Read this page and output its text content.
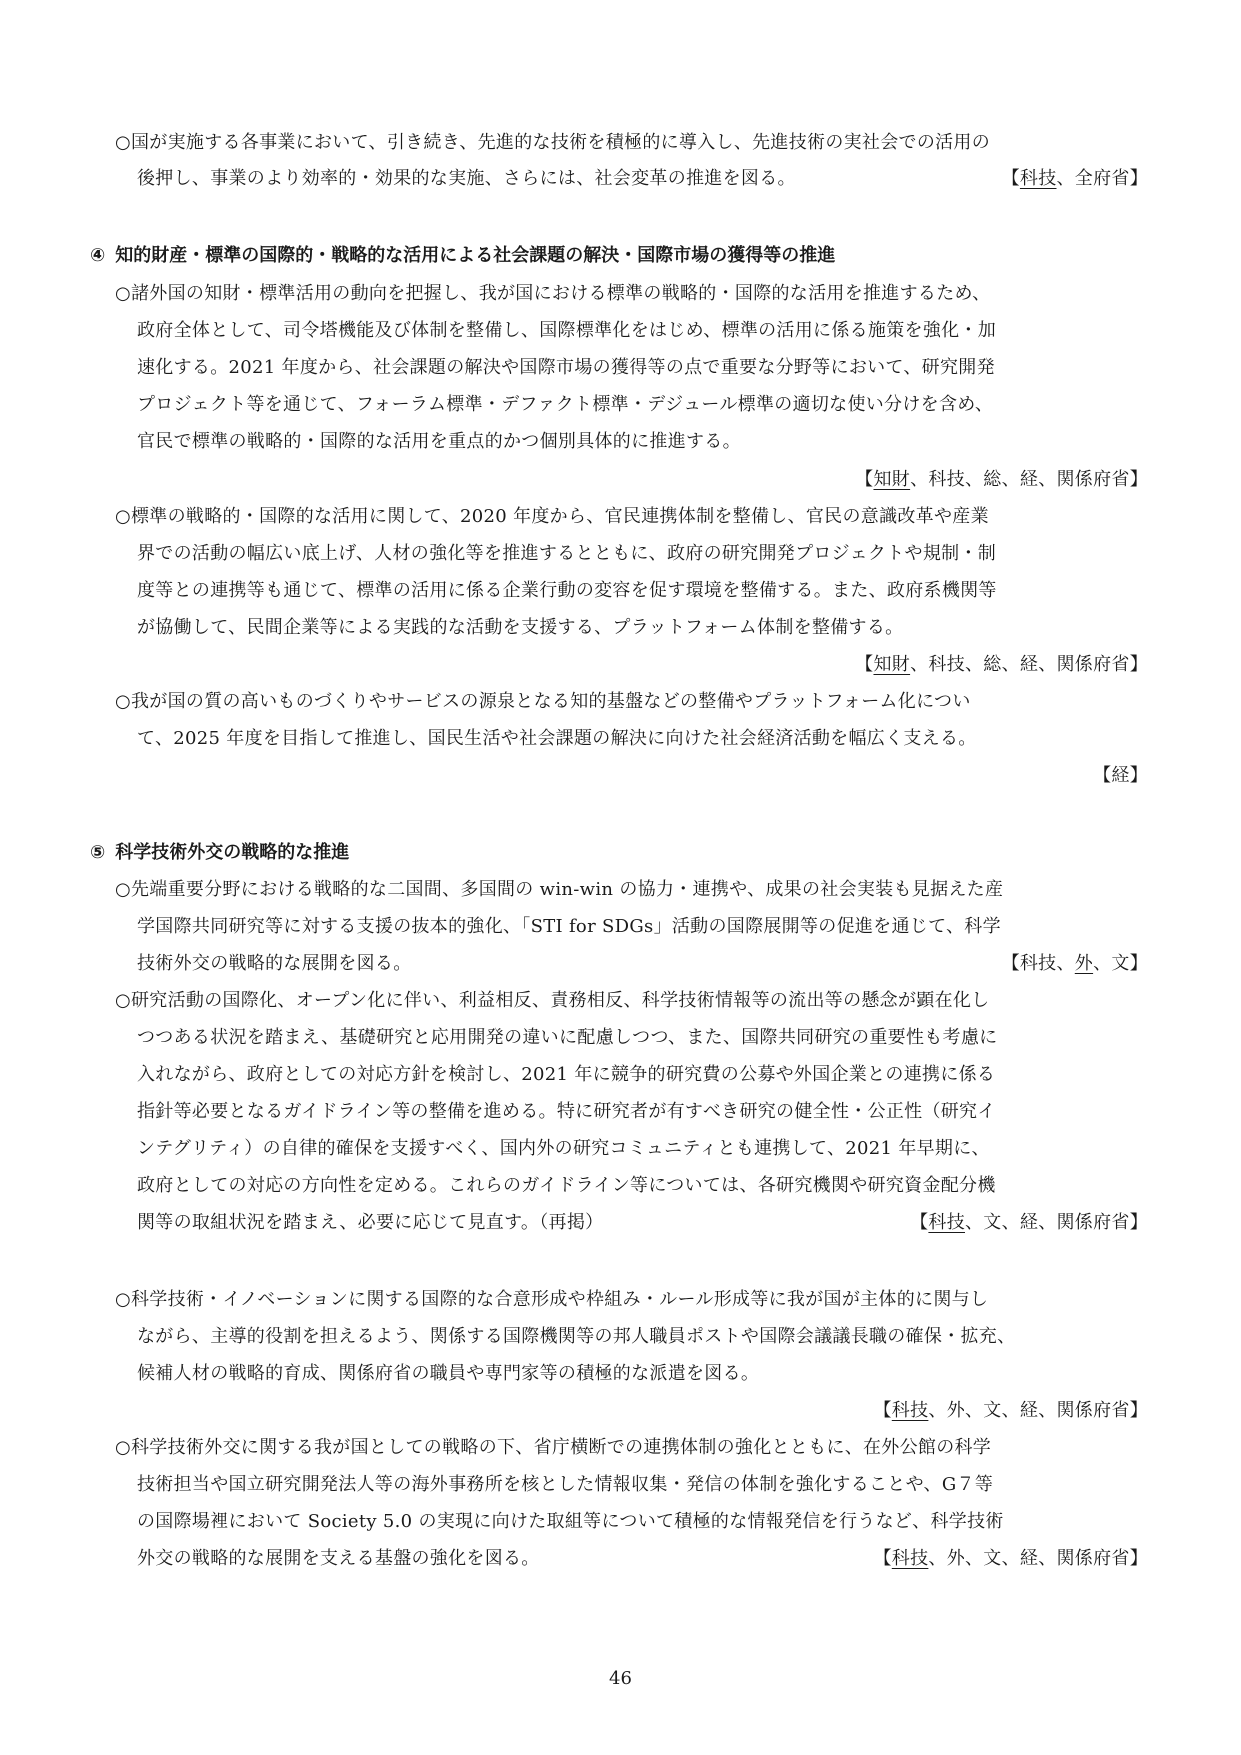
○国が実施する各事業において、引き続き、先進的な技術を積極的に導入し、先進技術の実社会での活用の
後押し、事業のより効率的・効果的な実施、さらには、社会変革の推進を図る。	【科技、全府省】
④ 知的財産・標準の国際的・戦略的な活用による社会課題の解決・国際市場の獲得等の推進
○諸外国の知財・標準活用の動向を把握し、我が国における標準の戦略的・国際的な活用を推進するため、
政府全体として、司令塔機能及び体制を整備し、国際標準化をはじめ、標準の活用に係る施策を強化・加
速化する。2021 年度から、社会課題の解決や国際市場の獲得等の点で重要な分野等において、研究開発
プロジェクト等を通じて、フォーラム標準・デファクト標準・デジュール標準の適切な使い分けを含め、
官民で標準の戦略的・国際的な活用を重点的かつ個別具体的に推進する。
【知財、科技、総、経、関係府省】
○標準の戦略的・国際的な活用に関して、2020 年度から、官民連携体制を整備し、官民の意識改革や産業
界での活動の幅広い底上げ、人材の強化等を推進するとともに、政府の研究開発プロジェクトや規制・制
度等との連携等も通じて、標準の活用に係る企業行動の変容を促す環境を整備する。また、政府系機関等
が協働して、民間企業等による実践的な活動を支援する、プラットフォーム体制を整備する。
【知財、科技、総、経、関係府省】
○我が国の質の高いものづくりやサービスの源泉となる知的基盤などの整備やプラットフォーム化につい
て、2025 年度を目指して推進し、国民生活や社会課題の解決に向けた社会経済活動を幅広く支える。
【経】
⑤ 科学技術外交の戦略的な推進
○先端重要分野における戦略的な二国間、多国間の win-win の協力・連携や、成果の社会実装も見据えた産
学国際共同研究等に対する支援の抜本的強化、「STI for SDGs」活動の国際展開等の促進を通じて、科学
技術外交の戦略的な展開を図る。	【科技、外、文】
○研究活動の国際化、オープン化に伴い、利益相反、責務相反、科学技術情報等の流出等の懸念が顕在化し
つつある状況を踏まえ、基礎研究と応用開発の違いに配慮しつつ、また、国際共同研究の重要性も考慮に
入れながら、政府としての対応方針を検討し、2021 年に競争的研究費の公募や外国企業との連携に係る
指針等必要となるガイドライン等の整備を進める。特に研究者が有すべき研究の健全性・公正性（研究イ
ンテグリティ）の自律的確保を支援すべく、国内外の研究コミュニティとも連携して、2021 年早期に、
政府としての対応の方向性を定める。これらのガイドライン等については、各研究機関や研究資金配分機
関等の取組状況を踏まえ、必要に応じて見直す。（再掲）	【科技、文、経、関係府省】
○科学技術・イノベーションに関する国際的な合意形成や枠組み・ルール形成等に我が国が主体的に関与し
ながら、主導的役割を担えるよう、関係する国際機関等の邦人職員ポストや国際会議議長職の確保・拡充、
候補人材の戦略的育成、関係府省の職員や専門家等の積極的な派遣を図る。
【科技、外、文、経、関係府省】
○科学技術外交に関する我が国としての戦略の下、省庁横断での連携体制の強化とともに、在外公館の科学
技術担当や国立研究開発法人等の海外事務所を核とした情報収集・発信の体制を強化することや、G７等
の国際場裡において Society 5.0 の実現に向けた取組等について積極的な情報発信を行うなど、科学技術
外交の戦略的な展開を支える基盤の強化を図る。	【科技、外、文、経、関係府省】
46
